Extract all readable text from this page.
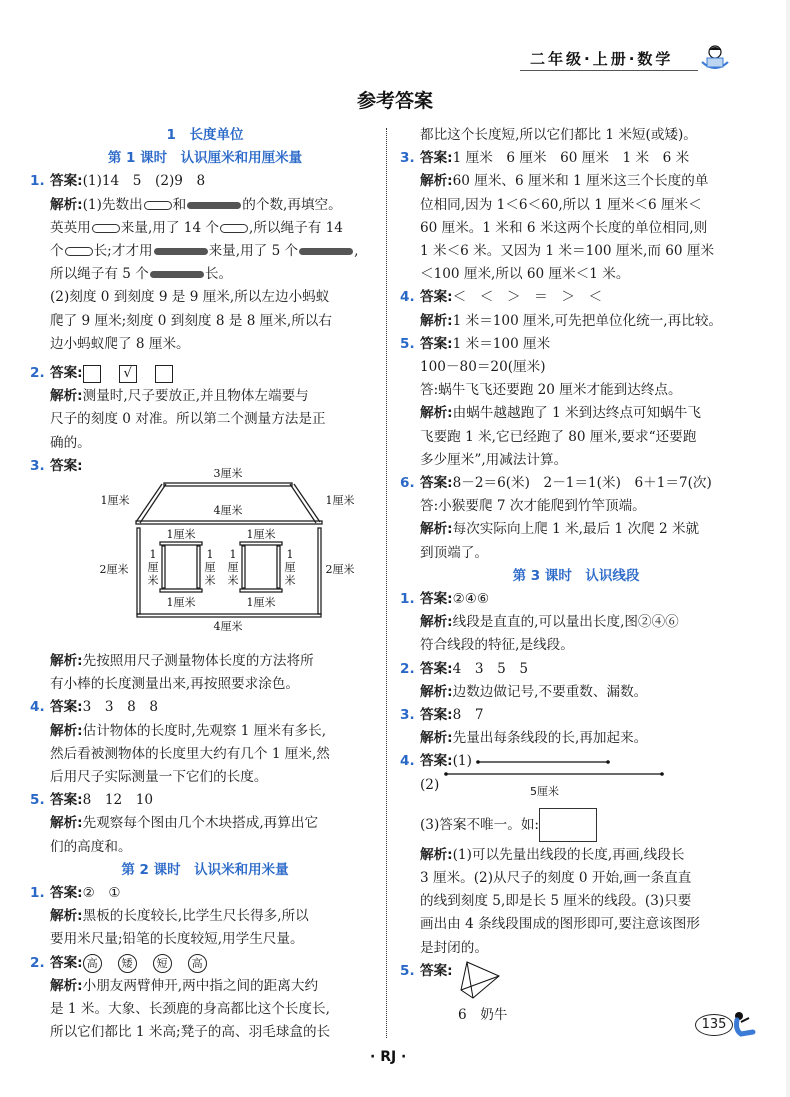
二年级·上册·数学
参考答案
1　长度单位
第 1 课时　认识厘米和用厘米量
1. 答案:(1)14　5　(2)9　8
解析:(1)先数出 和	的个数,再填空。
英英用 来量,用了 14 个 ,所以绳子有 14
个 长;才才用	来量,用了 5 个	,
所以绳子有 5 个	长。
(2)刻度 0 到刻度 9 是 9 厘米,所以左边小蚂蚁
爬了 9 厘米;刻度 0 到刻度 8 是 8 厘米,所以右
边小蚂蚁爬了 8 厘米。
2. 答案:	√
解析:测量时,尺子要放正,并且物体左端要与
尺子的刻度 0 对准。所以第二个测量方法是正
确的。
3. 答案:	3厘米
1厘米	1厘米
4厘米
2厘米	2厘米
4厘米
1厘米
1厘米
1厘米
1厘米
1
厘
米
1
厘
米
1
厘
米
1
厘
米
解析:先按照用尺子测量物体长度的方法将所
有小棒的长度测量出来,再按照要求涂色。
4. 答案:3　3　8　8
解析:估计物体的长度时,先观察 1 厘米有多长,
然后看被测物体的长度里大约有几个 1 厘米,然
后用尺子实际测量一下它们的长度。
5. 答案:8　12　10
解析:先观察每个图由几个木块搭成,再算出它
们的高度和。
第 2 课时　认识米和用米量
1. 答案:②　①
解析:黑板的长度较长,比学生尺长得多,所以
要用米尺量;铅笔的长度较短,用学生尺量。
2. 答案: 高 矮 短 高
解析:小朋友两臂伸开,两中指之间的距离大约
是 1 米。大象、长颈鹿的身高都比这个长度长,
所以它们都比 1 米高;凳子的高、羽毛球盒的长
都比这个长度短,所以它们都比 1 米短(或矮)。
3. 答案:1 厘米　6 厘米　60 厘米　1 米　6 米
解析:60 厘米、6 厘米和 1 厘米这三个长度的单
位相同,因为 1＜6＜60,所以 1 厘米＜6 厘米＜
60 厘米。1 米和 6 米这两个长度的单位相同,则
1 米＜6 米。又因为 1 米＝100 厘米,而 60 厘米
＜100 厘米,所以 60 厘米＜1 米。
4. 答案:＜　＜　＞　＝　＞　＜
解析:1 米＝100 厘米,可先把单位化统一,再比较。
5. 答案:1 米＝100 厘米
100－80＝20(厘米)
答:蜗牛飞飞还要跑 20 厘米才能到达终点。
解析:由蜗牛越越跑了 1 米到达终点可知蜗牛飞
飞要跑 1 米,它已经跑了 80 厘米,要求“还要跑
多少厘米”,用减法计算。
6. 答案:8－2＝6(米)　2－1＝1(米)　6＋1＝7(次)
答:小猴要爬 7 次才能爬到竹竿顶端。
解析:每次实际向上爬 1 米,最后 1 次爬 2 米就
到顶端了。
第 3 课时　认识线段
1. 答案:②④⑥
解析:线段是直直的,可以量出长度,图②④⑥
符合线段的特征,是线段。
2. 答案:4　3　5　5
解析:边数边做记号,不要重数、漏数。
3. 答案:8　7
解析:先量出每条线段的长,再加起来。
4. 答案:(1)
(2)	5厘米
(3)答案不唯一。如:
解析:(1)可以先量出线段的长度,再画,线段长
3 厘米。(2)从尺子的刻度 0 开始,画一条直直
的线到刻度 5,即是长 5 厘米的线段。(3)只要
画出由 4 条线段围成的图形即可,要注意该图形
是封闭的。
5. 答案:
6　奶牛
· RJ ·
135
